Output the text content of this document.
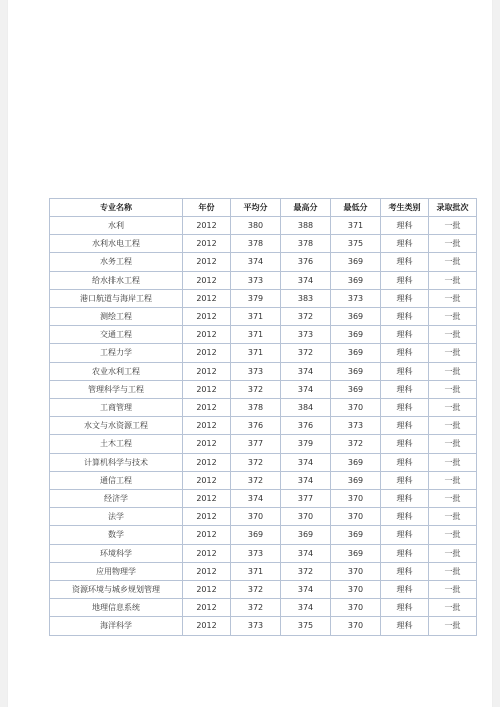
专业名称	年份	平均分	最高分	最低分	考生类别	录取批次
水利	2012	380	388	371	理科	一批
水利水电工程	2012	378	378	375	理科	一批
水务工程	2012	374	376	369	理科	一批
给水排水工程	2012	373	374	369	理科	一批
港口航道与海岸工程	2012	379	383	373	理科	一批
测绘工程	2012	371	372	369	理科	一批
交通工程	2012	371	373	369	理科	一批
工程力学	2012	371	372	369	理科	一批
农业水利工程	2012	373	374	369	理科	一批
管理科学与工程	2012	372	374	369	理科	一批
工商管理	2012	378	384	370	理科	一批
水文与水资源工程	2012	376	376	373	理科	一批
土木工程	2012	377	379	372	理科	一批
计算机科学与技术	2012	372	374	369	理科	一批
通信工程	2012	372	374	369	理科	一批
经济学	2012	374	377	370	理科	一批
法学	2012	370	370	370	理科	一批
数学	2012	369	369	369	理科	一批
环境科学	2012	373	374	369	理科	一批
应用物理学	2012	371	372	370	理科	一批
资源环境与城乡规划管理	2012	372	374	370	理科	一批
地理信息系统	2012	372	374	370	理科	一批
海洋科学	2012	373	375	370	理科	一批
